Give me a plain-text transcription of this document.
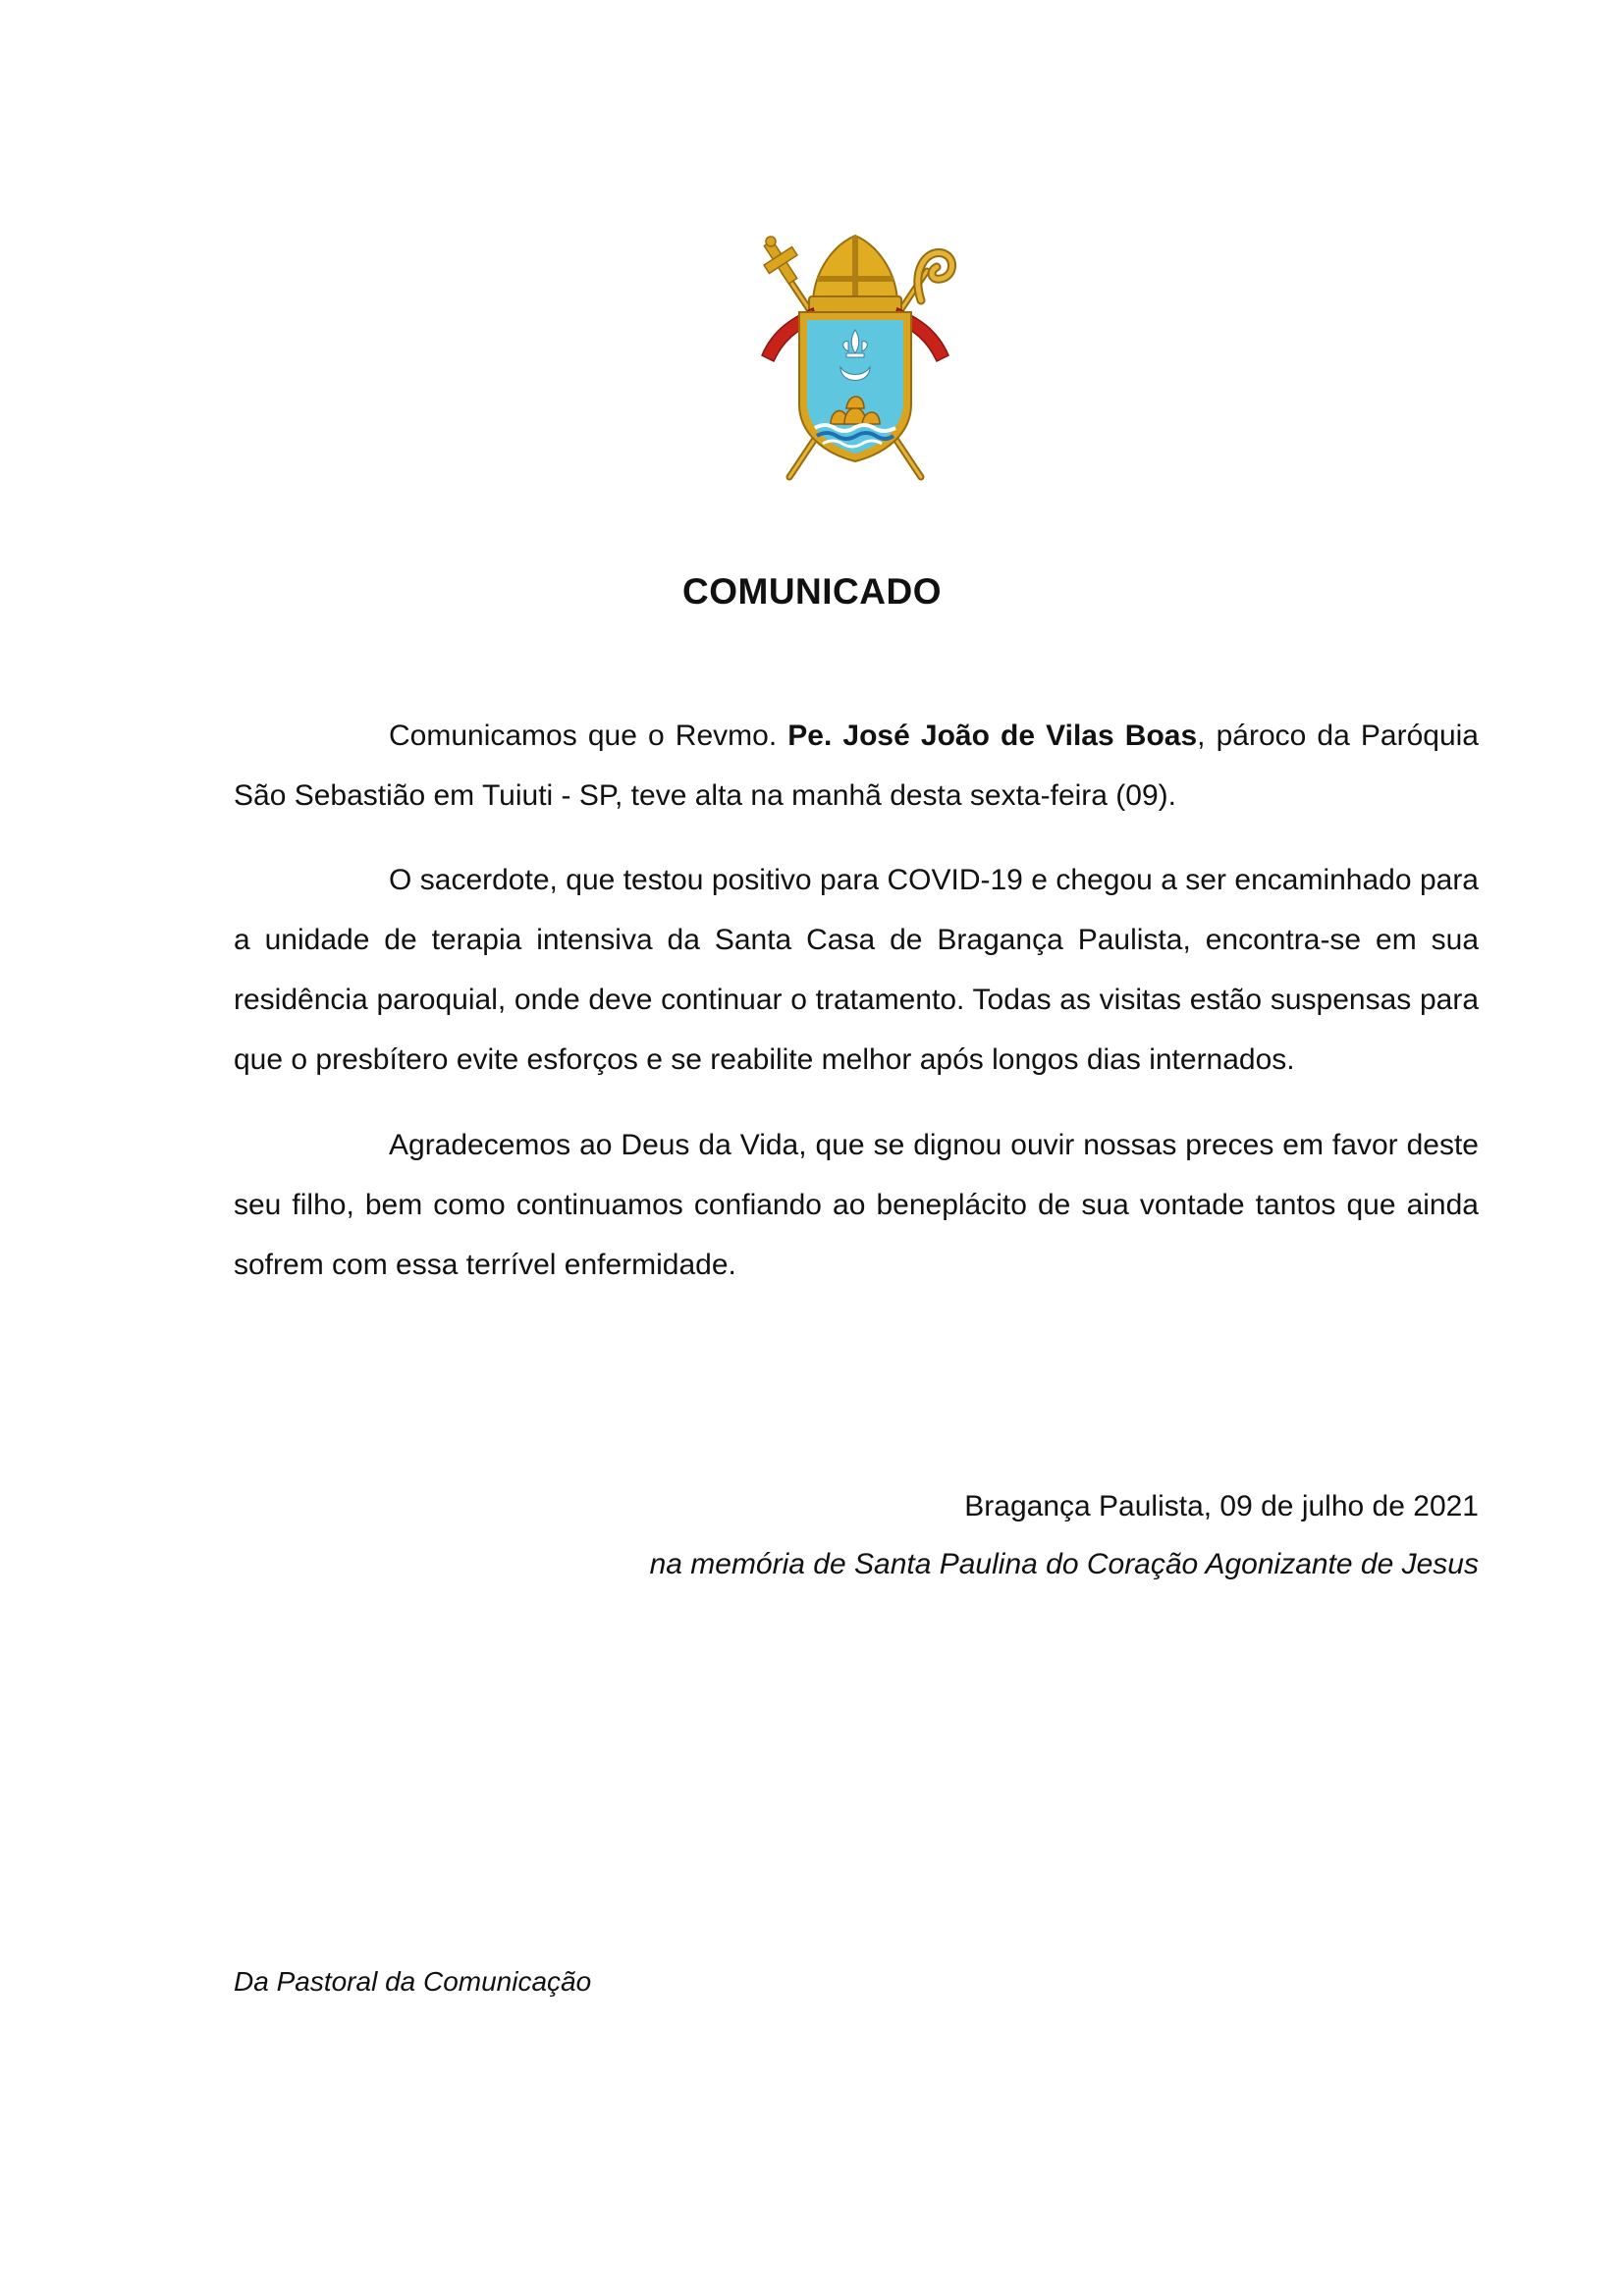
COMUNICADO

Comunicamos que o Revmo. Pe. José João de Vilas Boas, pároco da Paróquia São Sebastião em Tuiuti - SP, teve alta na manhã desta sexta-feira (09).

O sacerdote, que testou positivo para COVID-19 e chegou a ser encaminhado para a unidade de terapia intensiva da Santa Casa de Bragança Paulista, encontra-se em sua residência paroquial, onde deve continuar o tratamento. Todas as visitas estão suspensas para que o presbítero evite esforços e se reabilite melhor após longos dias internados.

Agradecemos ao Deus da Vida, que se dignou ouvir nossas preces em favor deste seu filho, bem como continuamos confiando ao beneplácito de sua vontade tantos que ainda sofrem com essa terrível enfermidade.

Bragança Paulista, 09 de julho de 2021
na memória de Santa Paulina do Coração Agonizante de Jesus
Da Pastoral da Comunicação
